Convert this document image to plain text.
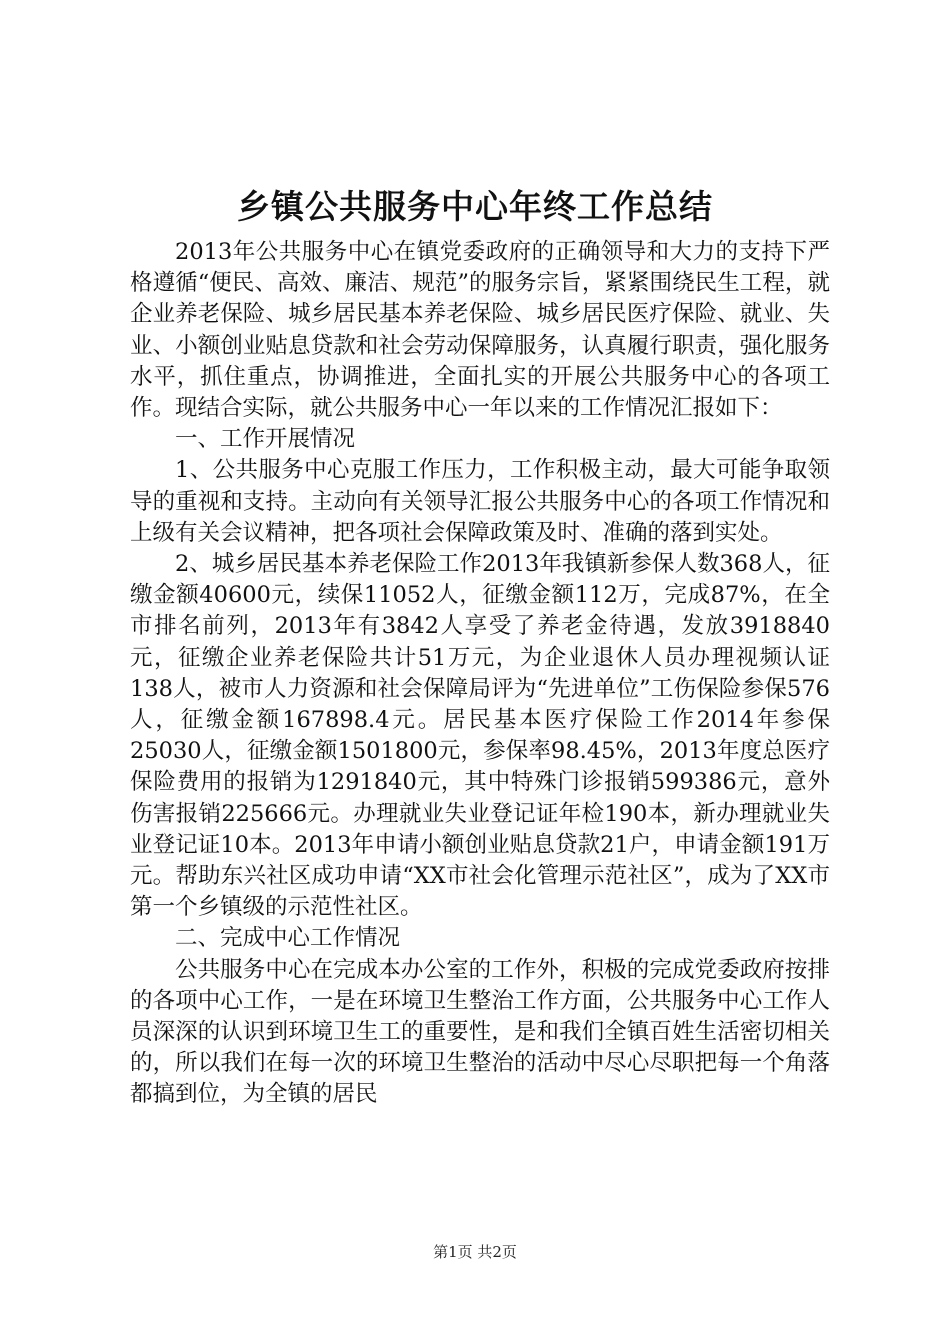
乡镇公共服务中心年终工作总结

2013年公共服务中心在镇党委政府的正确领导和大力的支持下严格遵循“便民、高效、廉洁、规范”的服务宗旨，紧紧围绕民生工程，就企业养老保险、城乡居民基本养老保险、城乡居民医疗保险、就业、失业、小额创业贴息贷款和社会劳动保障服务，认真履行职责，强化服务水平，抓住重点，协调推进，全面扎实的开展公共服务中心的各项工作。现结合实际，就公共服务中心一年以来的工作情况汇报如下：

一、工作开展情况

1、公共服务中心克服工作压力，工作积极主动，最大可能争取领导的重视和支持。主动向有关领导汇报公共服务中心的各项工作情况和上级有关会议精神，把各项社会保障政策及时、准确的落到实处。

2、城乡居民基本养老保险工作2013年我镇新参保人数368人，征缴金额40600元，续保11052人，征缴金额112万，完成87%，在全市排名前列，2013年有3842人享受了养老金待遇，发放3918840元，征缴企业养老保险共计51万元，为企业退休人员办理视频认证138人，被市人力资源和社会保障局评为“先进单位”工伤保险参保576人，征缴金额167898.4元。居民基本医疗保险工作2014年参保25030人，征缴金额1501800元，参保率98.45%，2013年度总医疗保险费用的报销为1291840元，其中特殊门诊报销599386元，意外伤害报销225666元。办理就业失业登记证年检190本，新办理就业失业登记证10本。2013年申请小额创业贴息贷款21户，申请金额191万元。帮助东兴社区成功申请“XX市社会化管理示范社区”，成为了XX市第一个乡镇级的示范性社区。

二、完成中心工作情况

公共服务中心在完成本办公室的工作外，积极的完成党委政府按排的各项中心工作，一是在环境卫生整治工作方面，公共服务中心工作人员深深的认识到环境卫生工的重要性，是和我们全镇百姓生活密切相关的，所以我们在每一次的环境卫生整治的活动中尽心尽职把每一个角落都搞到位，为全镇的居民

第1页 共2页
